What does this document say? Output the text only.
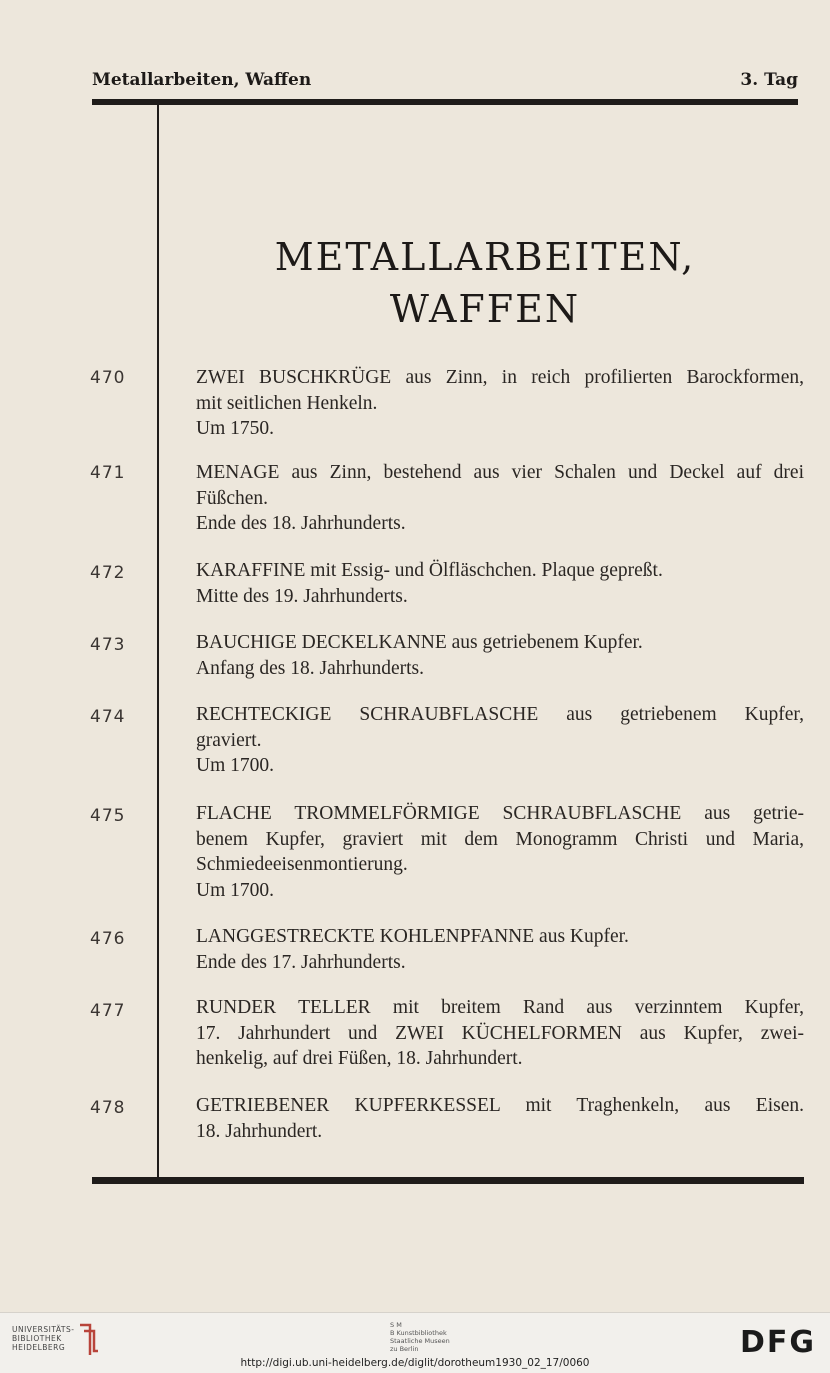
Metallarbeiten, Waffen	3. Tag
METALLARBEITEN,
WAFFEN
470	ZWEI BUSCHKRÜGE aus Zinn, in reich profilierten Barockformen,
mit seitlichen Henkeln.
Um 1750.
471	MENAGE aus Zinn, bestehend aus vier Schalen und Deckel auf drei
Füßchen.
Ende des 18. Jahrhunderts.
472	KARAFFINE mit Essig- und Ölfläschchen. Plaque gepreßt.
Mitte des 19. Jahrhunderts.
473	BAUCHIGE DECKELKANNE aus getriebenem Kupfer.
Anfang des 18. Jahrhunderts.
474	RECHTECKIGE SCHRAUBFLASCHE aus getriebenem Kupfer,
graviert.
Um 1700.
475	FLACHE TROMMELFÖRMIGE SCHRAUBFLASCHE aus getrie-
benem Kupfer, graviert mit dem Monogramm Christi und Maria,
Schmiedeeisenmontierung.
Um 1700.
476	LANGGESTRECKTE KOHLENPFANNE aus Kupfer.
Ende des 17. Jahrhunderts.
477	RUNDER TELLER mit breitem Rand aus verzinntem Kupfer,
17. Jahrhundert und ZWEI KÜCHELFORMEN aus Kupfer, zwei-
henkelig, auf drei Füßen, 18. Jahrhundert.
478	GETRIEBENER KUPFERKESSEL mit Traghenkeln, aus Eisen.
18. Jahrhundert.
UNIVERSITÄTS-
BIBLIOTHEK
HEIDELBERG
S M
B Kunstbibliothek
Staatliche Museen
zu Berlin	DFG
http://digi.ub.uni-heidelberg.de/diglit/dorotheum1930_02_17/0060
